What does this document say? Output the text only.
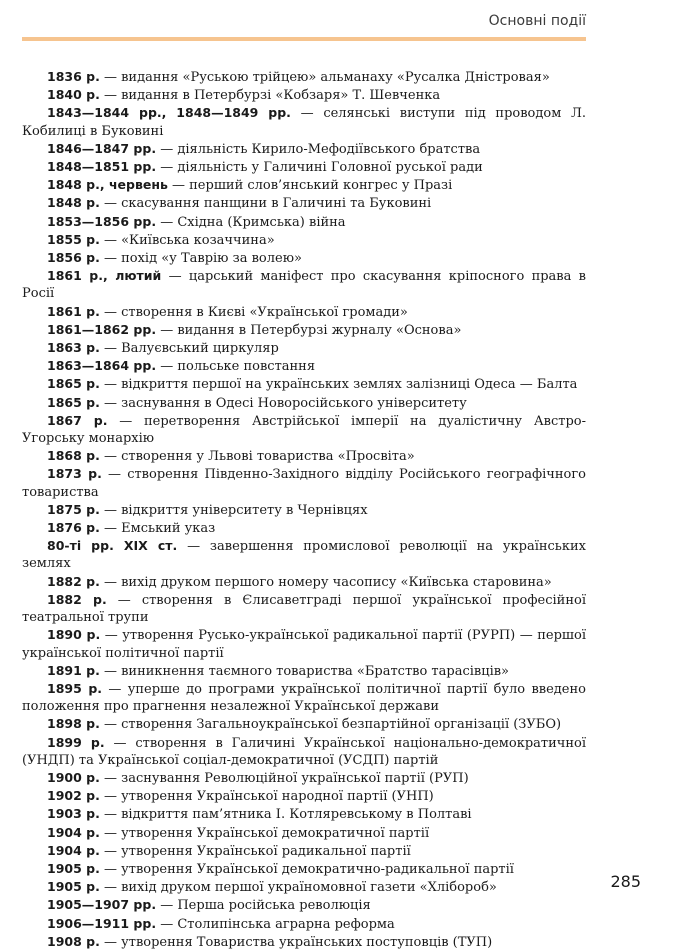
Основні події

1836 р. — видання «Руською трійцею» альманаху «Русалка Дністровая»

1840 р. — видання в Петербурзі «Кобзаря» Т. Шевченка

1843—1844 рр., 1848—1849 рр. — селянські виступи під проводом Л. Кобилиці в Буковині

1846—1847 рр. — діяльність Кирило-Мефодіївського братства

1848—1851 рр. — діяльність у Галичині Головної руської ради

1848 р., червень — перший слов’янський конгрес у Празі

1848 р. — скасування панщини в Галичині та Буковині

1853—1856 рр. — Східна (Кримська) війна

1855 р. — «Київська козаччина»

1856 р. — похід «у Таврію за волею»

1861 р., лютий — царський маніфест про скасування кріпосного права в Росії

1861 р. — створення в Києві «Української громади»

1861—1862 рр. — видання в Петербурзі журналу «Основа»

1863 р. — Валуєвський циркуляр

1863—1864 рр. — польське повстання

1865 р. — відкриття першої на українських землях залізниці Одеса — Балта

1865 р. — заснування в Одесі Новоросійського університету

1867 р. — перетворення Австрійської імперії на дуалістичну Австро-Угорську монархію

1868 р. — створення у Львові товариства «Просвіта»

1873 р. — створення Південно-Західного відділу Російського географічного товариства

1875 р. — відкриття університету в Чернівцях

1876 р. — Емський указ

80-ті рр. XIX ст. — завершення промислової революції на українських землях

1882 р. — вихід друком першого номеру часопису «Київська старовина»

1882 р. — створення в Єлисаветграді першої української професійної театральної трупи

1890 р. — утворення Русько-української радикальної партії (РУРП) — першої української політичної партії

1891 р. — виникнення таємного товариства «Братство тарасівців»

1895 р. — уперше до програми української політичної партії було введено положення про прагнення незалежної Української держави

1898 р. — створення Загальноукраїнської безпартійної організації (ЗУБО)

1899 р. — створення в Галичині Української національно-демократичної (УНДП) та Української соціал-демократичної (УСДП) партій

1900 р. — заснування Революційної української партії (РУП)

1902 р. — утворення Української народної партії (УНП)

1903 р. — відкриття пам’ятника І. Котляревському в Полтаві

1904 р. — утворення Української демократичної партії

1904 р. — утворення Української радикальної партії

1905 р. — утворення Української демократично-радикальної партії

1905 р. — вихід друком першої україномовної газети «Хлібороб»

1905—1907 рр. — Перша російська революція

1906—1911 рр. — Столипінська аграрна реформа

1908 р. — утворення Товариства українських поступовців (ТУП)

285
